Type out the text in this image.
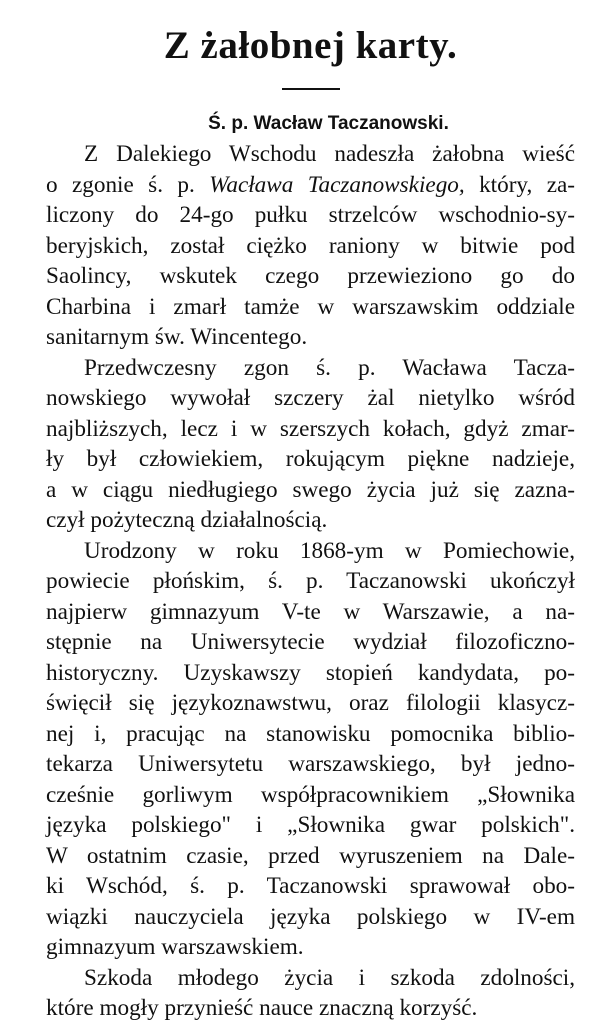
Z żałobnej karty.
Ś. p. Wacław Taczanowski.

Z Dalekiego Wschodu nadeszła żałobna wieść
o zgonie ś. p. Wacława Taczanowskiego, który, za-
liczony do 24-go pułku strzelców wschodnio-sy-
beryjskich, został ciężko raniony w bitwie pod
Saolincy, wskutek czego przewieziono go do
Charbina i zmarł tamże w warszawskim oddziale
sanitarnym św. Wincentego.

Przedwczesny zgon ś. p. Wacława Tacza-
nowskiego wywołał szczery żal nietylko wśród
najbliższych, lecz i w szerszych kołach, gdyż zmar-
ły był człowiekiem, rokującym piękne nadzieje,
a w ciągu niedługiego swego życia już się zazna-
czył pożyteczną działalnością.

Urodzony w roku 1868-ym w Pomiechowie,
powiecie płońskim, ś. p. Taczanowski ukończył
najpierw gimnazyum V-te w Warszawie, a na-
stępnie na Uniwersytecie wydział filozoficzno-
historyczny. Uzyskawszy stopień kandydata, po-
święcił się językoznawstwu, oraz filologii klasycz-
nej i, pracując na stanowisku pomocnika biblio-
tekarza Uniwersytetu warszawskiego, był jedno-
cześnie gorliwym współpracownikiem „Słownika
języka polskiego" i „Słownika gwar polskich".
W ostatnim czasie, przed wyruszeniem na Dale-
ki Wschód, ś. p. Taczanowski sprawował obo-
wiązki nauczyciela języka polskiego w IV-em
gimnazyum warszawskiem.

Szkoda młodego życia i szkoda zdolności,
które mogły przynieść nauce znaczną korzyść.
